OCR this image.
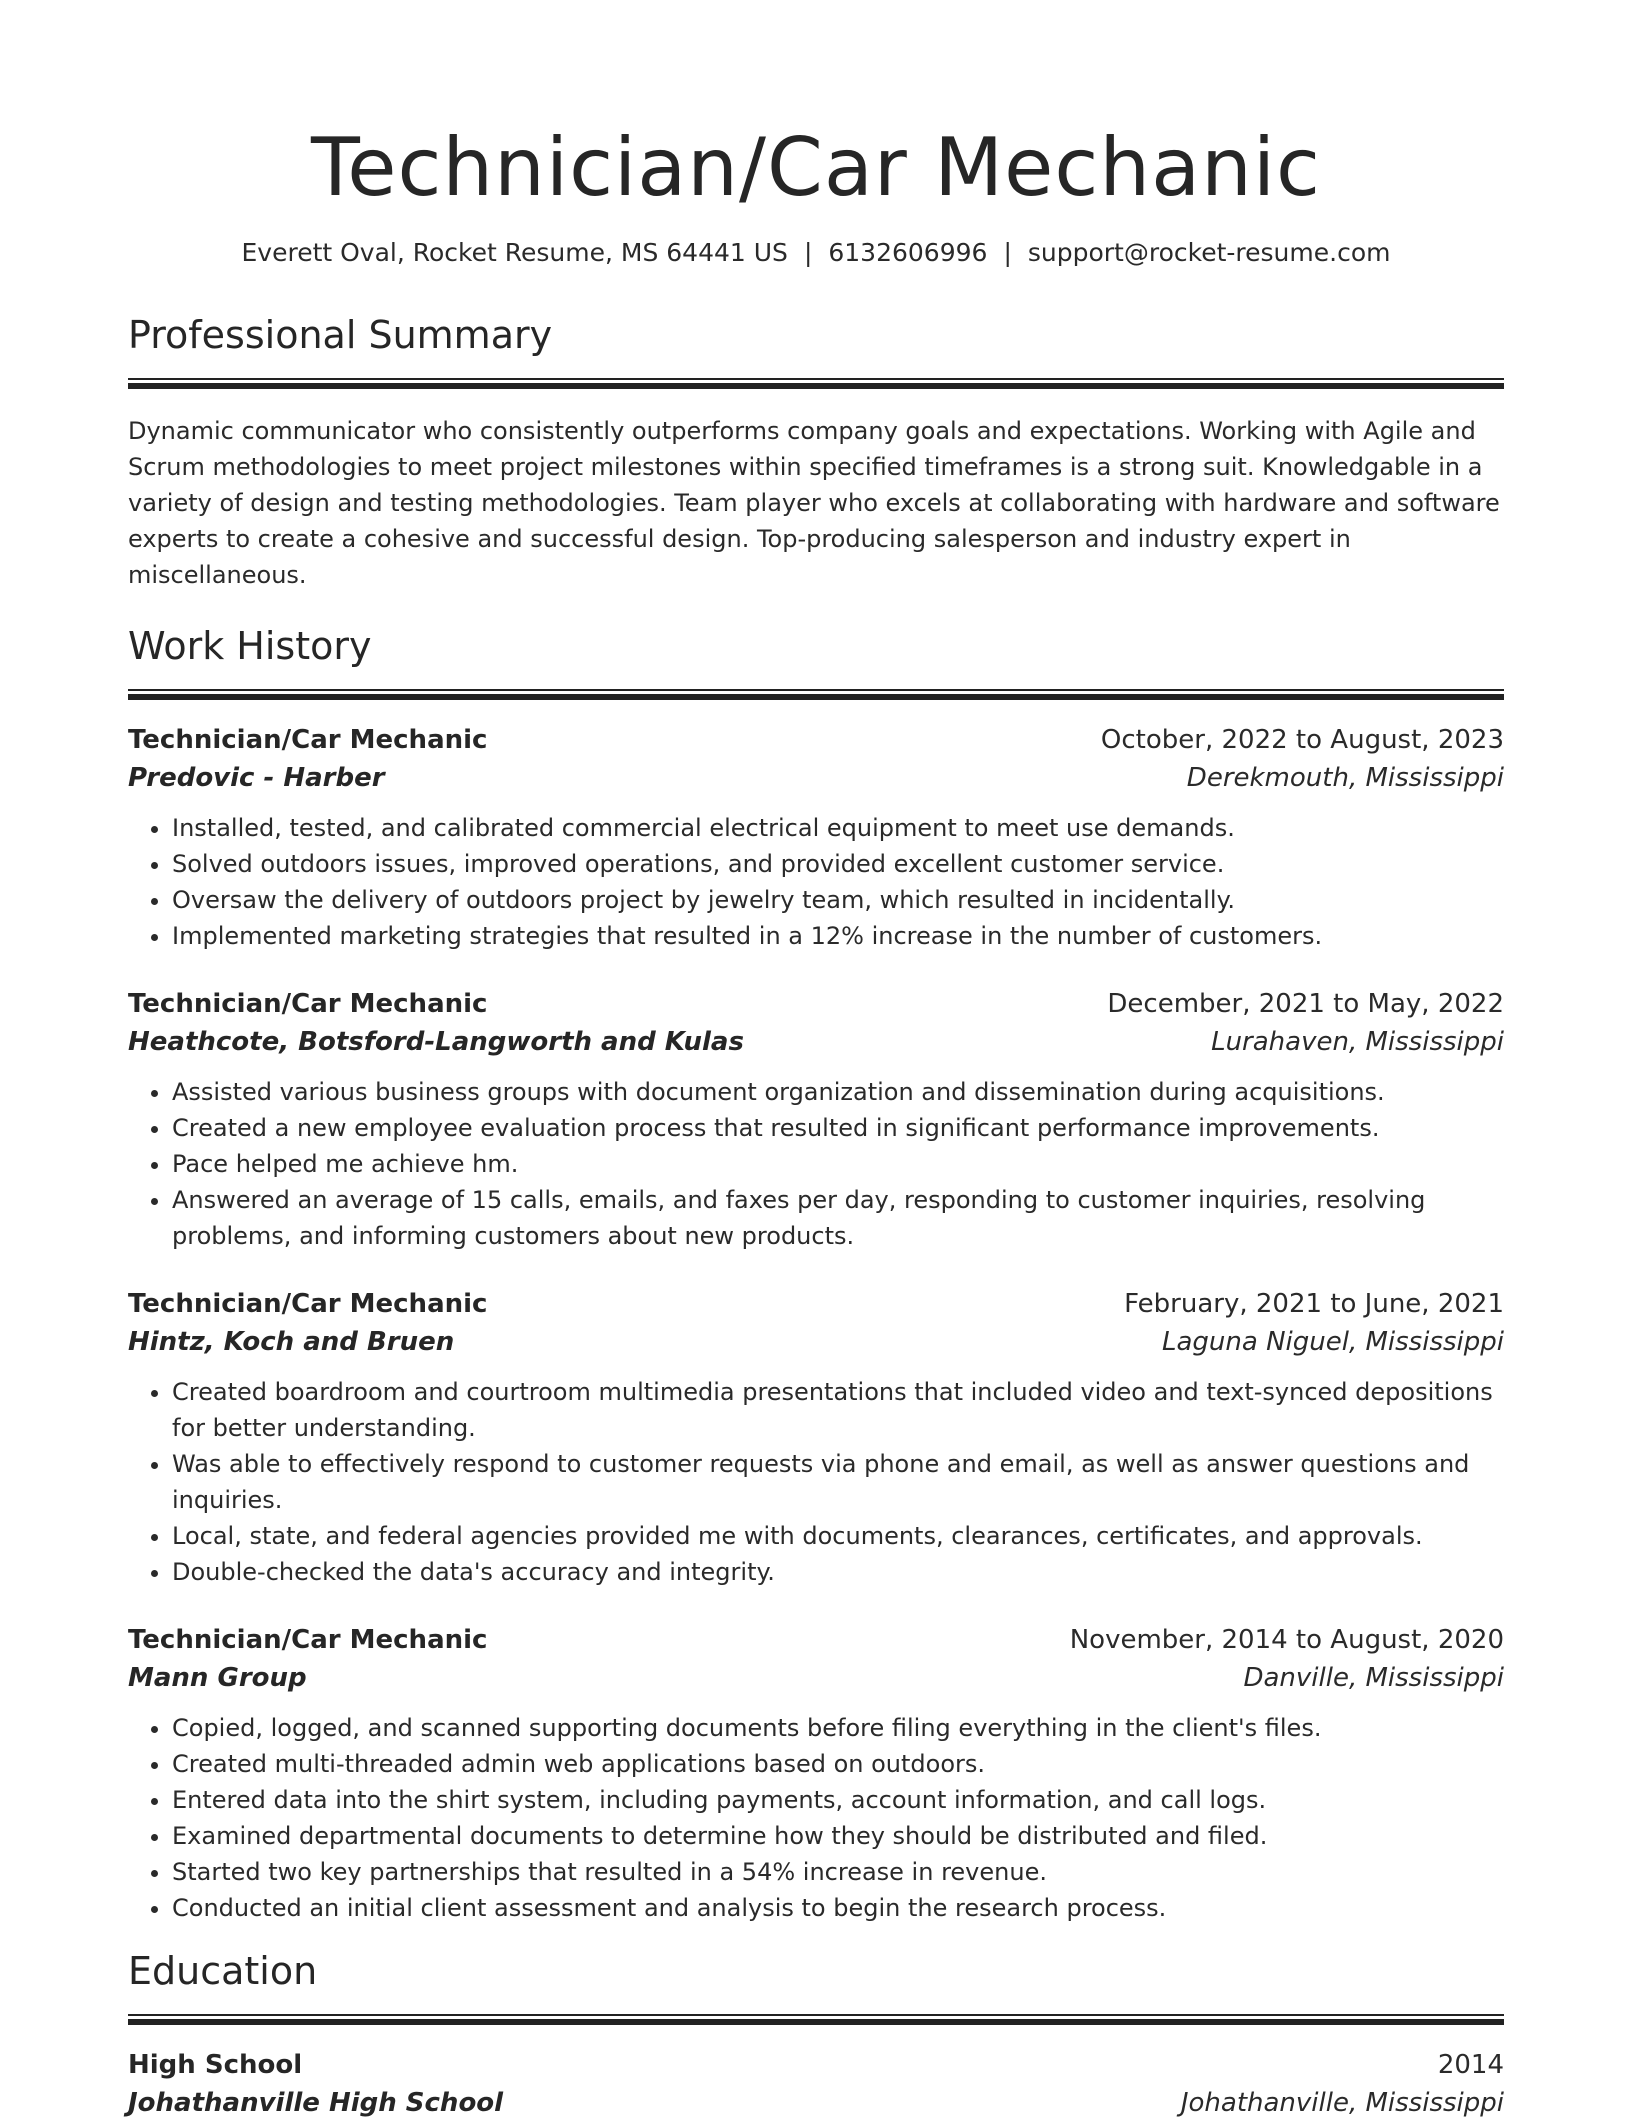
Technician/Car Mechanic
Everett Oval, Rocket Resume, MS 64441 US | 6132606996 | support@rocket-resume.com
Professional Summary

Dynamic communicator who consistently outperforms company goals and expectations. Working with Agile and Scrum methodologies to meet project milestones within specified timeframes is a strong suit. Knowledgable in a variety of design and testing methodologies. Team player who excels at collaborating with hardware and software experts to create a cohesive and successful design. Top-producing salesperson and industry expert in miscellaneous.

Work History
Technician/Car Mechanic	October, 2022 to August, 2023
Predovic - Harber	Derekmouth, Mississippi
• Installed, tested, and calibrated commercial electrical equipment to meet use demands.
• Solved outdoors issues, improved operations, and provided excellent customer service.
• Oversaw the delivery of outdoors project by jewelry team, which resulted in incidentally.
• Implemented marketing strategies that resulted in a 12% increase in the number of customers.
Technician/Car Mechanic	December, 2021 to May, 2022
Heathcote, Botsford-Langworth and Kulas	Lurahaven, Mississippi
• Assisted various business groups with document organization and dissemination during acquisitions.
• Created a new employee evaluation process that resulted in significant performance improvements.
• Pace helped me achieve hm.
• Answered an average of 15 calls, emails, and faxes per day, responding to customer inquiries, resolving problems, and informing customers about new products.
Technician/Car Mechanic	February, 2021 to June, 2021
Hintz, Koch and Bruen	Laguna Niguel, Mississippi
• Created boardroom and courtroom multimedia presentations that included video and text-synced depositions for better understanding.
• Was able to effectively respond to customer requests via phone and email, as well as answer questions and inquiries.
• Local, state, and federal agencies provided me with documents, clearances, certificates, and approvals.
• Double-checked the data's accuracy and integrity.
Technician/Car Mechanic	November, 2014 to August, 2020
Mann Group	Danville, Mississippi
• Copied, logged, and scanned supporting documents before filing everything in the client's files.
• Created multi-threaded admin web applications based on outdoors.
• Entered data into the shirt system, including payments, account information, and call logs.
• Examined departmental documents to determine how they should be distributed and filed.
• Started two key partnerships that resulted in a 54% increase in revenue.
• Conducted an initial client assessment and analysis to begin the research process.
Education
High School	2014
Johathanville High School	Johathanville, Mississippi
